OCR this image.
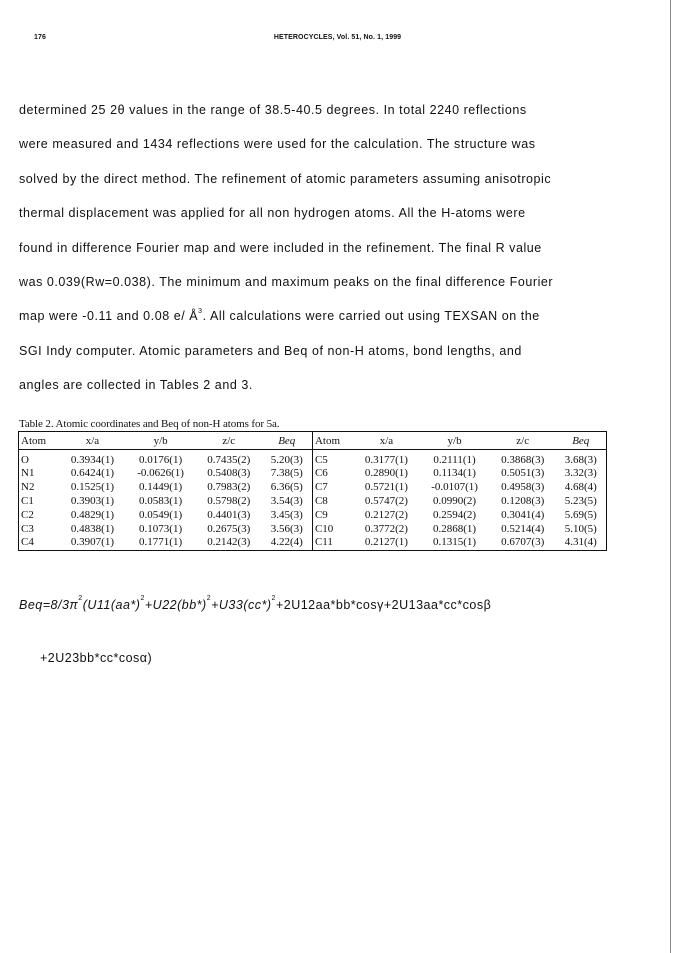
176	HETEROCYCLES, Vol. 51, No. 1, 1999
determined 25 2θ values in the range of 38.5-40.5 degrees. In total 2240 reflections
were measured and 1434 reflections were used for the calculation. The structure was
solved by the direct method. The refinement of atomic parameters assuming anisotropic
thermal displacement was applied for all non hydrogen atoms. All the H-atoms were
found in difference Fourier map and were included in the refinement. The final R value
was 0.039(Rw=0.038). The minimum and maximum peaks on the final difference Fourier
map were -0.11 and 0.08 e/ $Å^3$. All calculations were carried out using TEXSAN on the
SGI Indy computer. Atomic parameters and Beq of non-H atoms, bond lengths, and
angles are collected in Tables 2 and 3.
Table 2. Atomic coordinates and Beq of non-H atoms for 5a.
Atom	x/a	y/b	z/c	Beq	Atom	x/a	y/b	z/c	Beq
O	0.3934(1)	0.0176(1)	0.7435(2)	5.20(3)	C5	0.3177(1)	0.2111(1)	0.3868(3)	3.68(3)
N1	0.6424(1)	-0.0626(1)	0.5408(3)	7.38(5)	C6	0.2890(1)	0.1134(1)	0.5051(3)	3.32(3)
N2	0.1525(1)	0.1449(1)	0.7983(2)	6.36(5)	C7	0.5721(1)	-0.0107(1)	0.4958(3)	4.68(4)
C1	0.3903(1)	0.0583(1)	0.5798(2)	3.54(3)	C8	0.5747(2)	0.0990(2)	0.1208(3)	5.23(5)
C2	0.4829(1)	0.0549(1)	0.4401(3)	3.45(3)	C9	0.2127(2)	0.2594(2)	0.3041(4)	5.69(5)
C3	0.4838(1)	0.1073(1)	0.2675(3)	3.56(3)	C10	0.3772(2)	0.2868(1)	0.5214(4)	5.10(5)
C4	0.3907(1)	0.1771(1)	0.2142(3)	4.22(4)	C11	0.2127(1)	0.1315(1)	0.6707(3)	4.31(4)
$Beq=8/3\pi^2(U11(aa*)^2+U22(bb*)^2+U33(cc*)^2+2U12aa*bb*\cos\gamma+2U13aa*cc*\cos\beta$
+2U23bb*cc*cosα)
